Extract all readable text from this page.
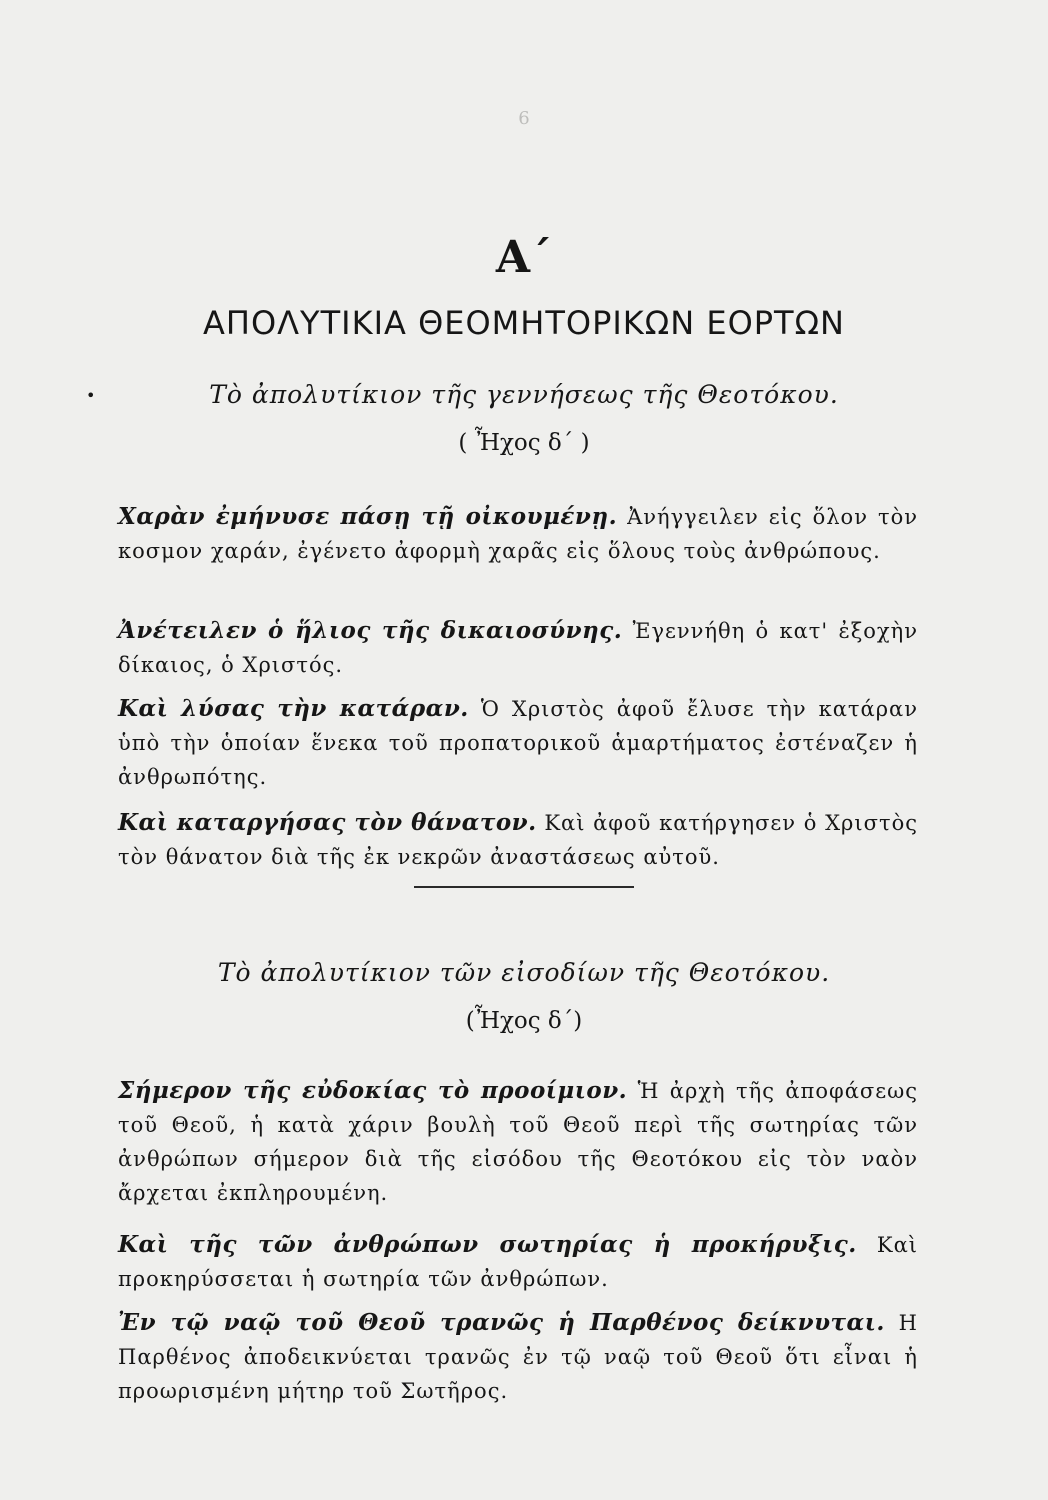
6
Α΄
ΑΠΟΛΥΤΙΚΙΑ ΘΕΟΜΗΤΟΡΙΚΩΝ ΕΟΡΤΩΝ
•	Τὸ ἀπολυτίκιον τῆς γεννήσεως τῆς Θεοτόκου.
( Ἦχος δ΄ )
Χαρὰν ἐμήνυσε πάσῃ τῇ οἰκουμένῃ. Ἀνήγγειλεν εἰς ὅλον τὸν κοσμον χαράν, ἐγένετο ἀφορμὴ χαρᾶς εἰς ὅλους τοὺς ἀνθρώπους.
Ἀνέτειλεν ὁ ἥλιος τῆς δικαιοσύνης. Ἐγεννήθη ὁ κατ' ἐξοχὴν δίκαιος, ὁ Χριστός.
Καὶ λύσας τὴν κατάραν. Ὁ Χριστὸς ἀφοῦ ἔλυσε τὴν κατάραν ὑπὸ τὴν ὁποίαν ἕνεκα τοῦ προπατορικοῦ ἁμαρτήματος ἐστέναζεν ἡ ἀνθρωπότης.
Καὶ καταργήσας τὸν θάνατον. Καὶ ἀφοῦ κατήργησεν ὁ Χριστὸς τὸν θάνατον διὰ τῆς ἐκ νεκρῶν ἀναστάσεως αὐτοῦ.
Τὸ ἀπολυτίκιον τῶν εἰσοδίων τῆς Θεοτόκου.
(Ἦχος δ΄)
Σήμερον τῆς εὐδοκίας τὸ προοίμιον. Ἡ ἀρχὴ τῆς ἀποφάσεως τοῦ Θεοῦ, ἡ κατὰ χάριν βουλὴ τοῦ Θεοῦ περὶ τῆς σωτηρίας τῶν ἀνθρώπων σήμερον διὰ τῆς εἰσόδου τῆς Θεοτόκου εἰς τὸν ναὸν ἄρχεται ἐκπληρουμένη.
Καὶ τῆς τῶν ἀνθρώπων σωτηρίας ἡ προκήρυξις. Καὶ προκηρύσσεται ἡ σωτηρία τῶν ἀνθρώπων.
Ἐν τῷ ναῷ τοῦ Θεοῦ τρανῶς ἡ Παρθένος δείκνυται. Η Παρθένος ἀποδεικνύεται τρανῶς ἐν τῷ ναῷ τοῦ Θεοῦ ὅτι εἶναι ἡ προωρισμένη μήτηρ τοῦ Σωτῆρος.
